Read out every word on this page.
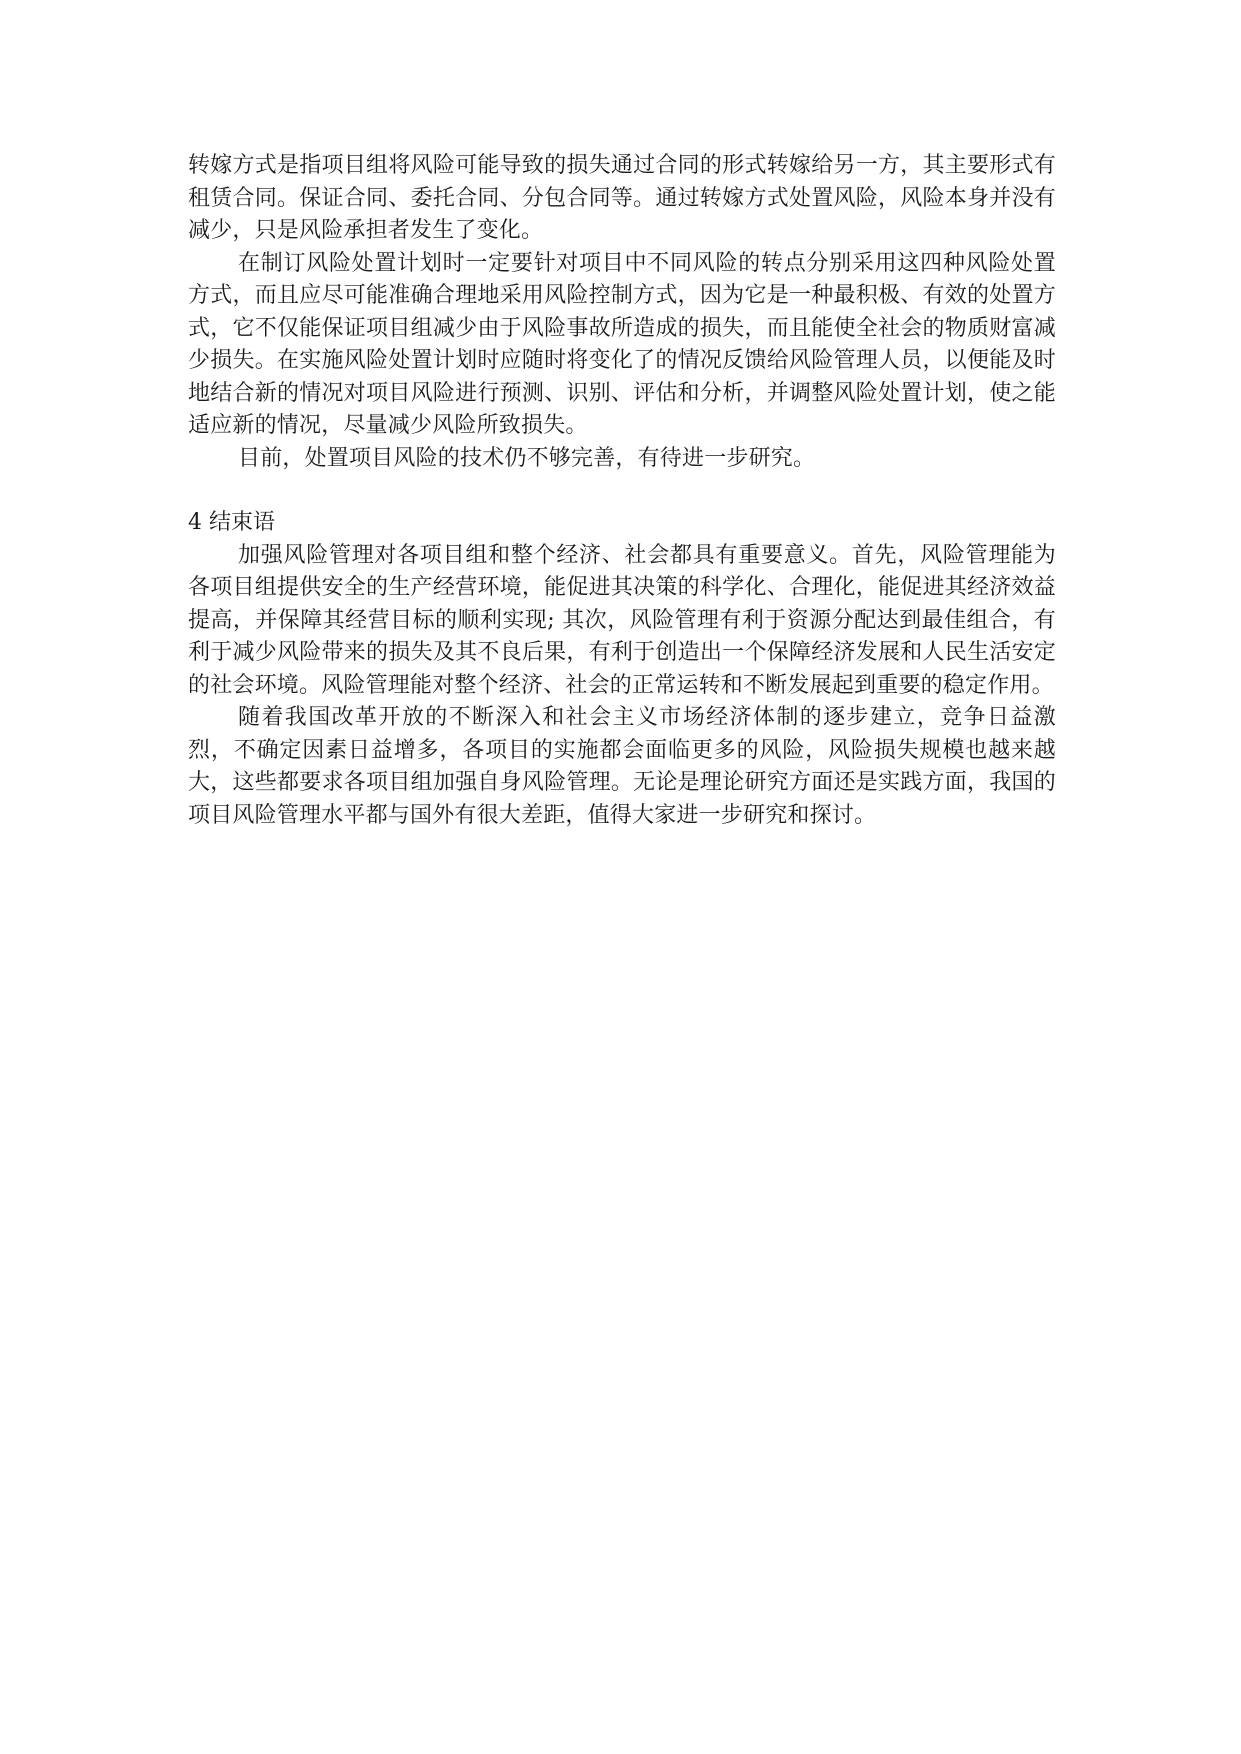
转嫁方式是指项目组将风险可能导致的损失通过合同的形式转嫁给另一方，其主要形式有租赁合同。保证合同、委托合同、分包合同等。通过转嫁方式处置风险，风险本身并没有减少，只是风险承担者发生了变化。

在制订风险处置计划时一定要针对项目中不同风险的转点分别采用这四种风险处置方式，而且应尽可能准确合理地采用风险控制方式，因为它是一种最积极、有效的处置方式，它不仅能保证项目组减少由于风险事故所造成的损失，而且能使全社会的物质财富减少损失。在实施风险处置计划时应随时将变化了的情况反馈给风险管理人员，以便能及时地结合新的情况对项目风险进行预测、识别、评估和分析，并调整风险处置计划，使之能适应新的情况，尽量减少风险所致损失。

目前，处置项目风险的技术仍不够完善，有待进一步研究。

4 结束语

加强风险管理对各项目组和整个经济、社会都具有重要意义。首先，风险管理能为各项目组提供安全的生产经营环境，能促进其决策的科学化、合理化，能促进其经济效益提高，并保障其经营目标的顺利实现; 其次，风险管理有利于资源分配达到最佳组合，有利于减少风险带来的损失及其不良后果，有利于创造出一个保障经济发展和人民生活安定的社会环境。风险管理能对整个经济、社会的正常运转和不断发展起到重要的稳定作用。

随着我国改革开放的不断深入和社会主义市场经济体制的逐步建立，竞争日益激烈，不确定因素日益增多，各项目的实施都会面临更多的风险，风险损失规模也越来越大，这些都要求各项目组加强自身风险管理。无论是理论研究方面还是实践方面，我国的项目风险管理水平都与国外有很大差距，值得大家进一步研究和探讨。
